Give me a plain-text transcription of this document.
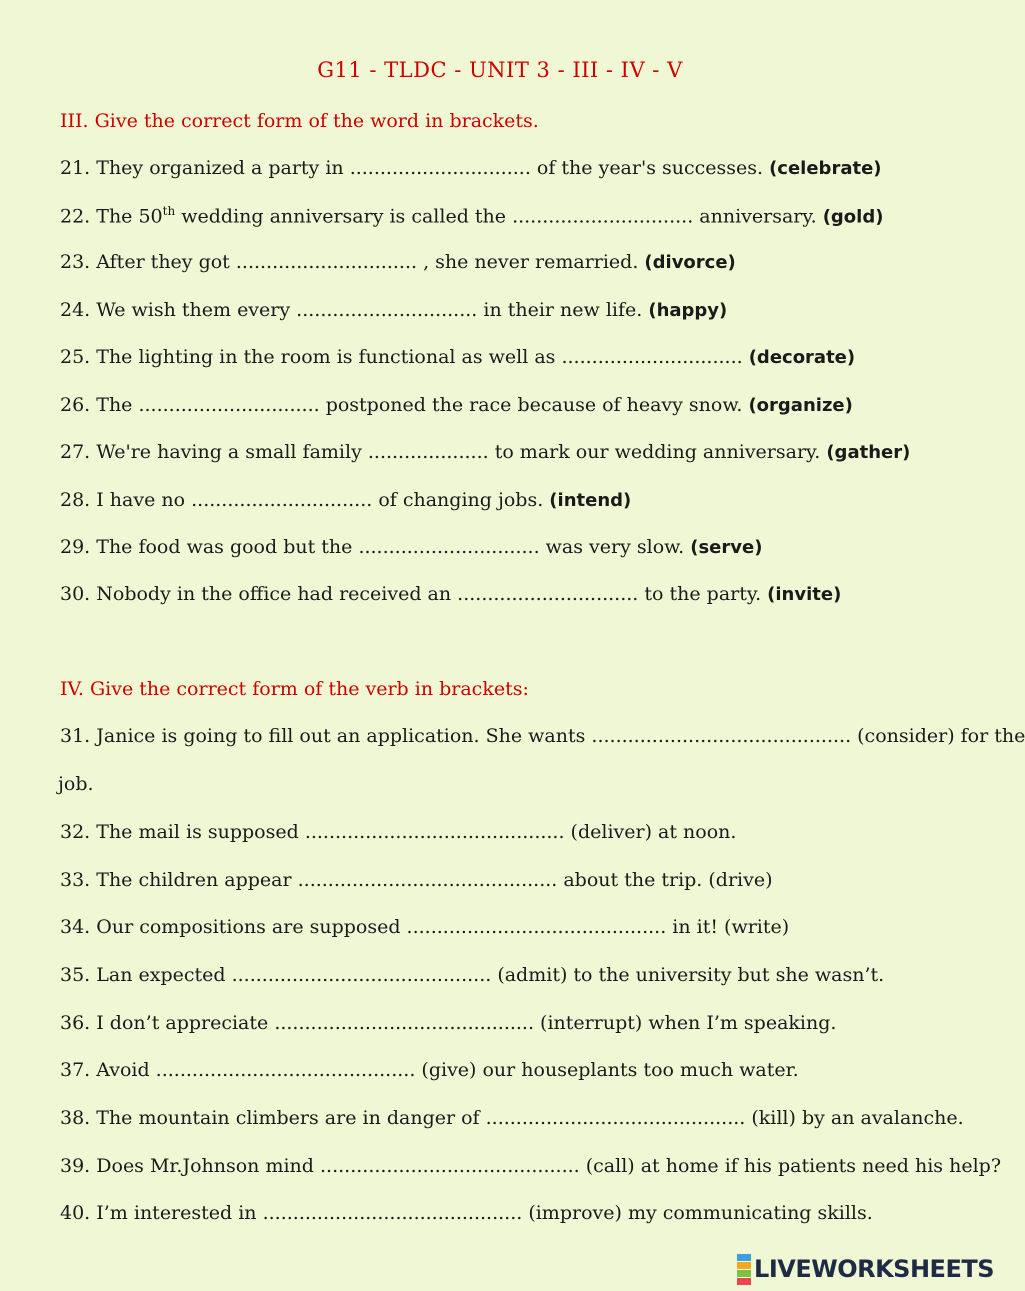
G11 - TLDC - UNIT 3 - III - IV - V
III. Give the correct form of the word in brackets.
21. They organized a party in .............................. of the year's successes. (celebrate)
22. The 50th wedding anniversary is called the .............................. anniversary. (gold)
23. After they got .............................. , she never remarried. (divorce)
24. We wish them every .............................. in their new life. (happy)
25. The lighting in the room is functional as well as .............................. (decorate)
26. The .............................. postponed the race because of heavy snow. (organize)
27. We're having a small family .................... to mark our wedding anniversary. (gather)
28. I have no .............................. of changing jobs. (intend)
29. The food was good but the .............................. was very slow. (serve)
30. Nobody in the office had received an .............................. to the party. (invite)
IV. Give the correct form of the verb in brackets:
31. Janice is going to fill out an application. She wants ........................................... (consider) for the
job.
32. The mail is supposed ........................................... (deliver) at noon.
33. The children appear ........................................... about the trip. (drive)
34. Our compositions are supposed ........................................... in it! (write)
35. Lan expected ........................................... (admit) to the university but she wasn’t.
36. I don’t appreciate ........................................... (interrupt) when I’m speaking.
37. Avoid ........................................... (give) our houseplants too much water.
38. The mountain climbers are in danger of ........................................... (kill) by an avalanche.
39. Does Mr.Johnson mind ........................................... (call) at home if his patients need his help?
40. I’m interested in ........................................... (improve) my communicating skills.
LIVEWORKSHEETS
